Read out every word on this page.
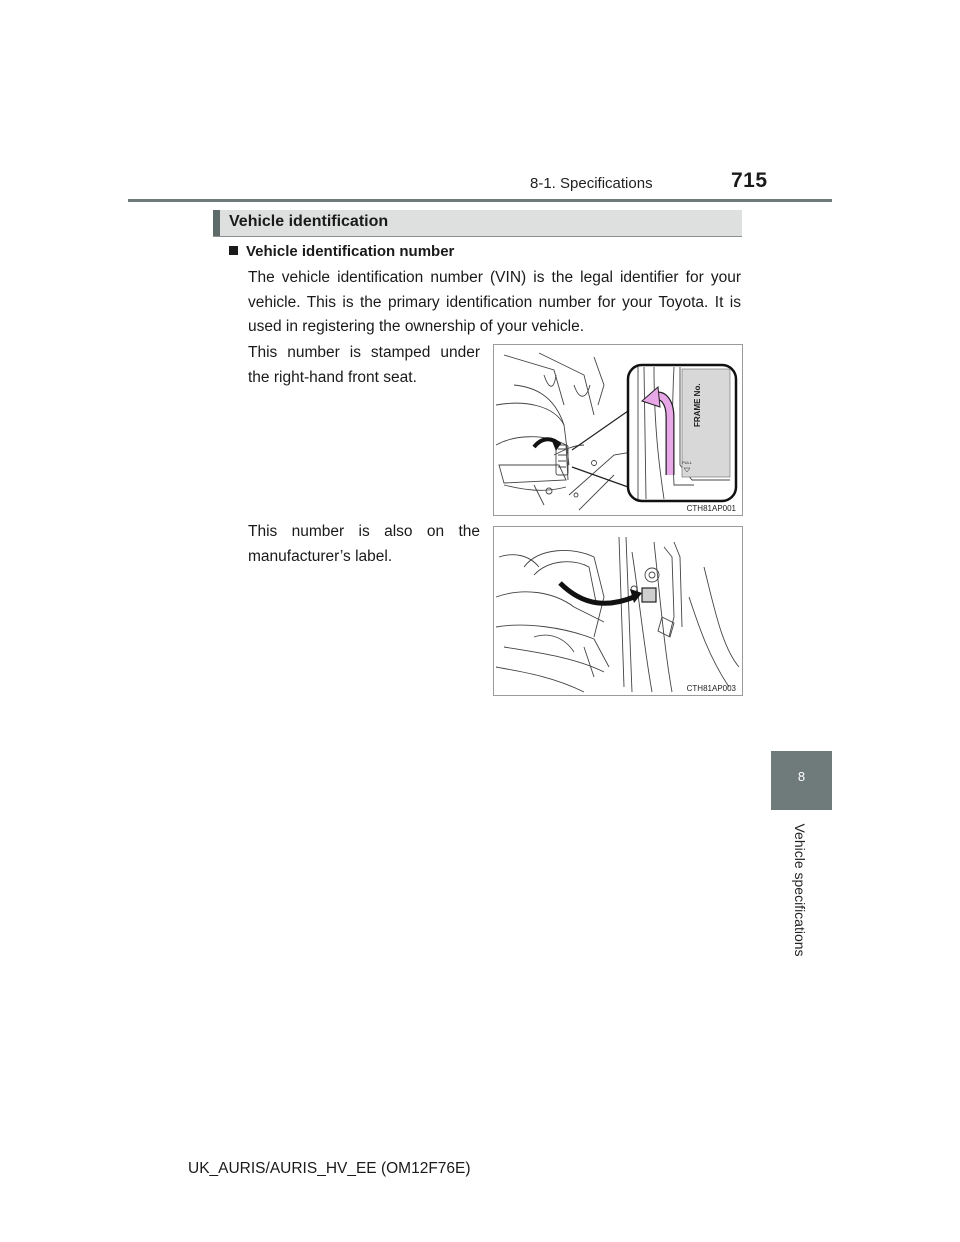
8-1. Specifications	715
8
Vehicle specifications
Vehicle identification
Vehicle identification number
The vehicle identification number (VIN) is the legal identifier for your vehicle. This is the primary identification number for your Toyota. It is used in registering the ownership of your vehicle.
This number is stamped under the right-hand front seat.
FRAME No.
PULL
CTH81AP001
This number is also on the manufacturer’s label.
CTH81AP003
UK_AURIS/AURIS_HV_EE (OM12F76E)
